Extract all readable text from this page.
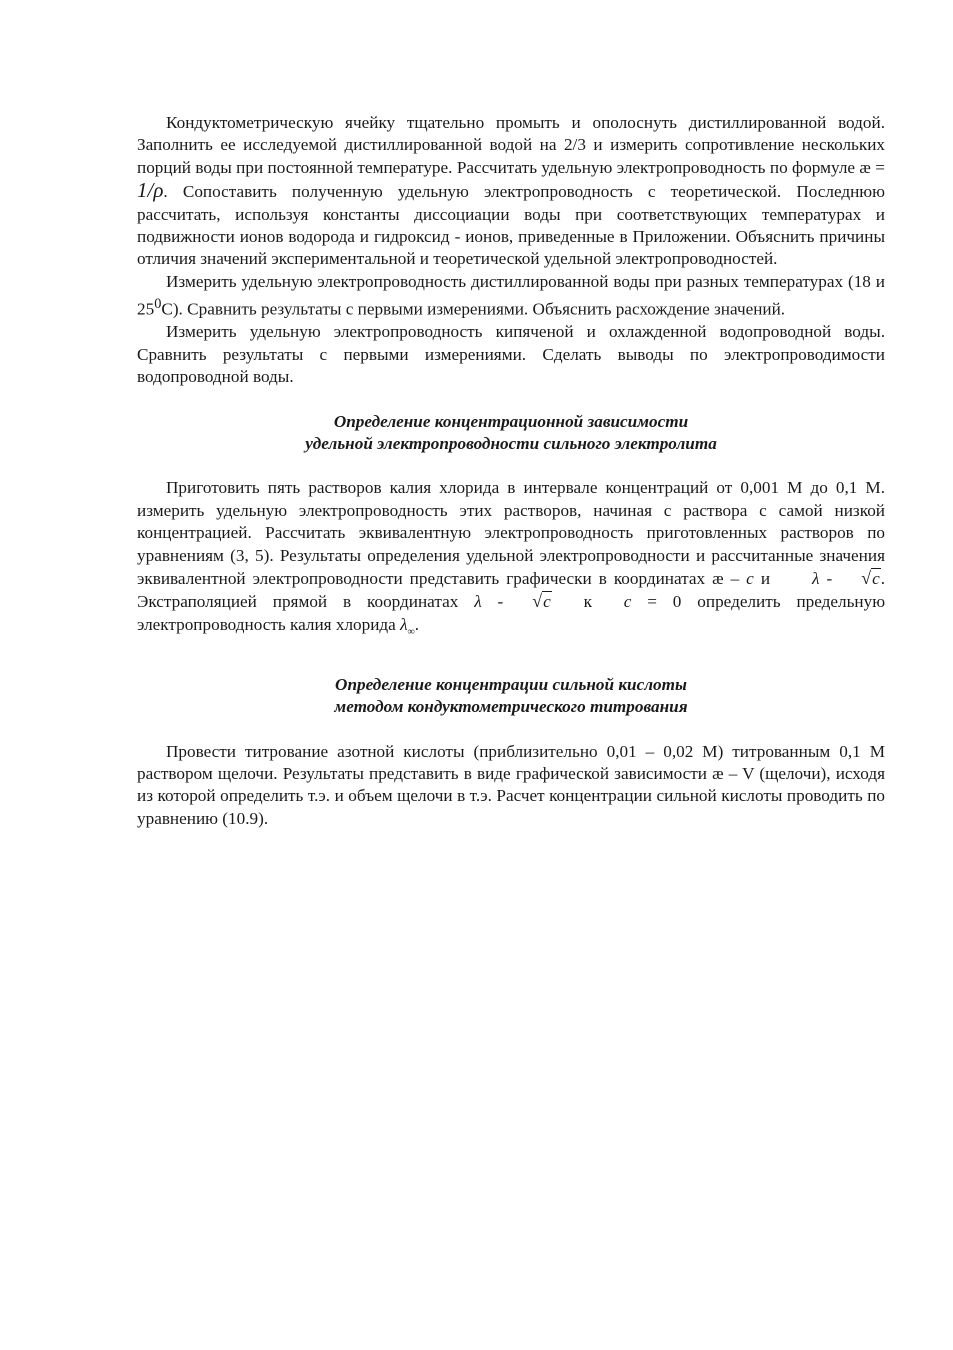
Кондуктометрическую ячейку тщательно промыть и ополоснуть дистиллированной водой. Заполнить ее исследуемой дистиллированной водой на 2/3 и измерить сопротивление нескольких порций воды при постоянной температуре. Рассчитать удельную электропроводность по формуле æ = 1/ρ. Сопоставить полученную удельную электропроводность с теоретической. Последнюю рассчитать, используя константы диссоциации воды при соответствующих температурах и подвижности ионов водорода и гидроксид - ионов, приведенные в Приложении. Объяснить причины отличия значений экспериментальной и теоретической удельной электропроводностей.

Измерить удельную электропроводность дистиллированной воды при разных температурах (18 и $25^0С$). Сравнить результаты с первыми измерениями. Объяснить расхождение значений.

Измерить удельную электропроводность кипяченой и охлажденной водопроводной воды. Сравнить результаты с первыми измерениями. Сделать выводы по электропроводимости водопроводной воды.

Определение концентрационной зависимости
удельной электропроводности сильного электролита

Приготовить пять растворов калия хлорида в интервале концентраций от 0,001 М до 0,1 М. измерить удельную электропроводность этих растворов, начиная с раствора с самой низкой концентрацией. Рассчитать эквивалентную электропроводность приготовленных растворов по уравнениям (3, 5). Результаты определения удельной электропроводности и рассчитанные значения эквивалентной электропроводности представить графически в координатах æ – c и λ - √c. Экстраполяцией прямой в координатах λ - √c к c = 0 определить предельную электропроводность калия хлорида $\lambda_\infty$.

Определение концентрации сильной кислоты
методом кондуктометрического титрования

Провести титрование азотной кислоты (приблизительно 0,01 – 0,02 М) титрованным 0,1 М раствором щелочи. Результаты представить в виде графической зависимости æ – V (щелочи), исходя из которой определить т.э. и объем щелочи в т.э. Расчет концентрации сильной кислоты проводить по уравнению (10.9).
